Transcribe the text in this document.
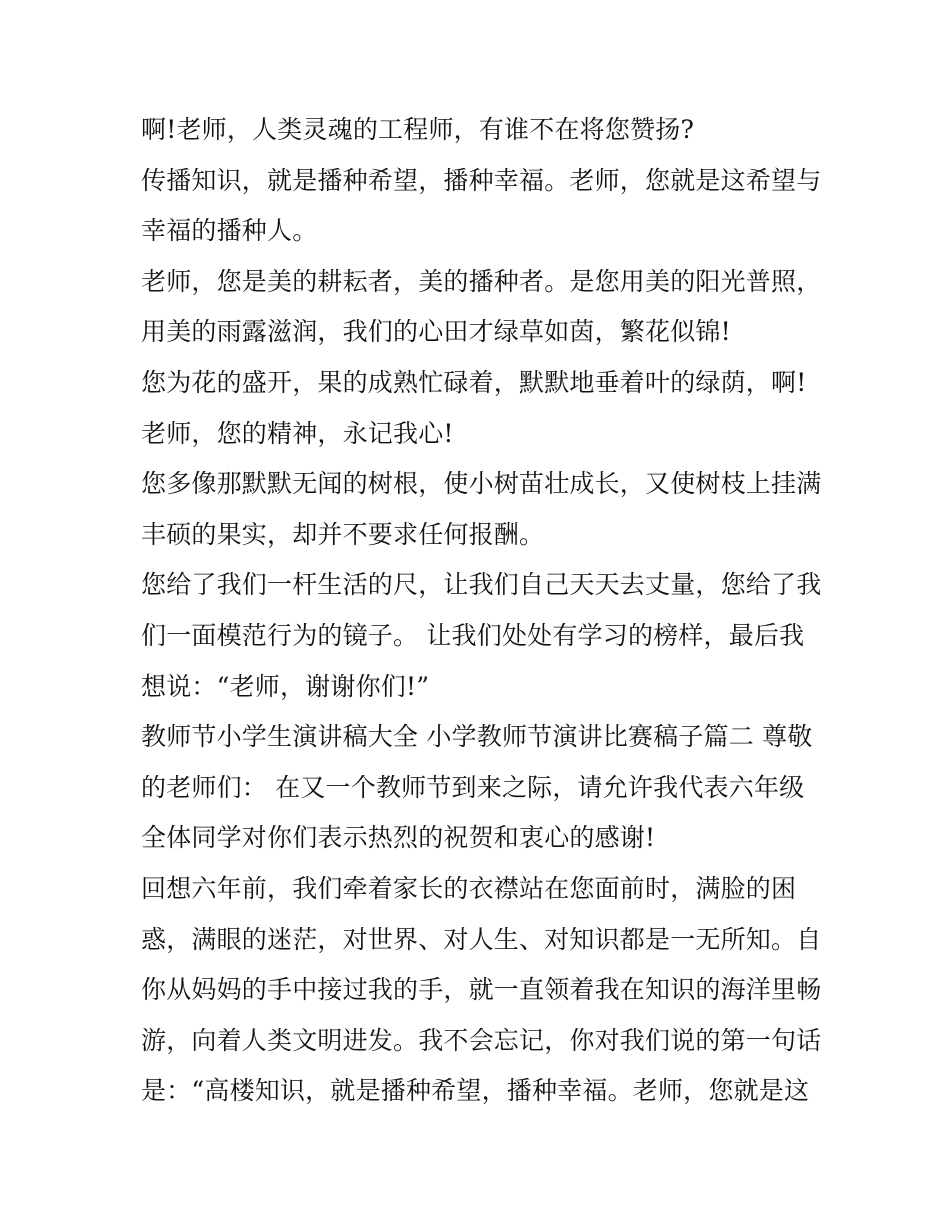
啊!老师，人类灵魂的工程师，有谁不在将您赞扬?
传播知识，就是播种希望，播种幸福。老师，您就是这希望与
幸福的播种人。
老师，您是美的耕耘者，美的播种者。是您用美的阳光普照，
用美的雨露滋润，我们的心田才绿草如茵，繁花似锦!
您为花的盛开，果的成熟忙碌着，默默地垂着叶的绿荫，啊!
老师，您的精神，永记我心!
您多像那默默无闻的树根，使小树苗壮成长，又使树枝上挂满
丰硕的果实，却并不要求任何报酬。
您给了我们一杆生活的尺，让我们自己天天去丈量，您给了我
们一面模范行为的镜子。 让我们处处有学习的榜样，最后我
想说：“老师，谢谢你们!”
教师节小学生演讲稿大全 小学教师节演讲比赛稿子篇二 尊敬
的老师们： 在又一个教师节到来之际，请允许我代表六年级
全体同学对你们表示热烈的祝贺和衷心的感谢!
回想六年前，我们牵着家长的衣襟站在您面前时，满脸的困
惑，满眼的迷茫，对世界、对人生、对知识都是一无所知。自
你从妈妈的手中接过我的手，就一直领着我在知识的海洋里畅
游，向着人类文明进发。我不会忘记，你对我们说的第一句话
是：“高楼知识，就是播种希望，播种幸福。老师，您就是这
